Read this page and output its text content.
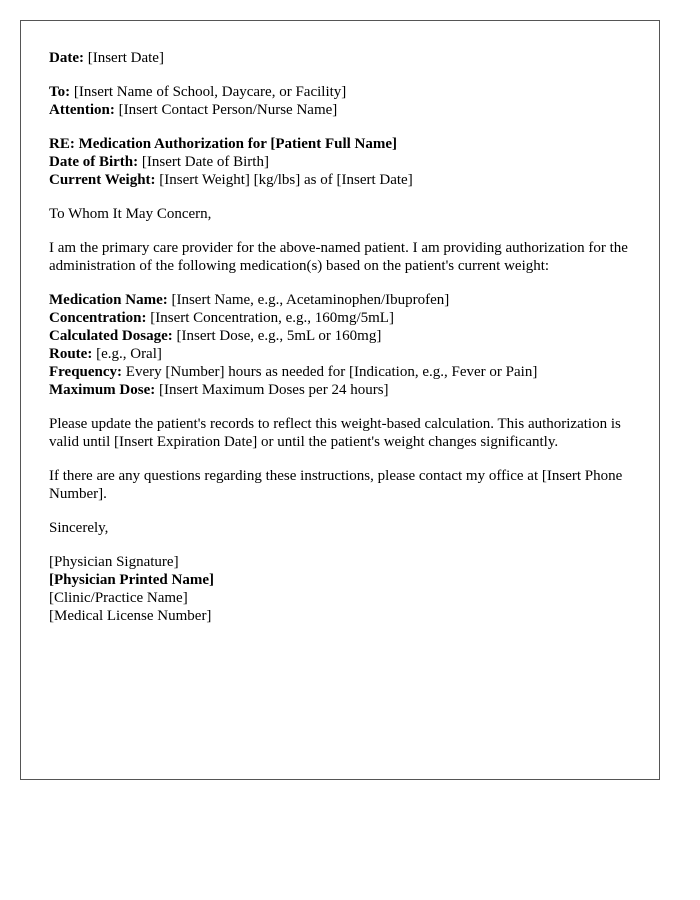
Date: [Insert Date]
To: [Insert Name of School, Daycare, or Facility]
Attention: [Insert Contact Person/Nurse Name]
RE: Medication Authorization for [Patient Full Name]
Date of Birth: [Insert Date of Birth]
Current Weight: [Insert Weight] [kg/lbs] as of [Insert Date]
To Whom It May Concern,
I am the primary care provider for the above-named patient. I am providing authorization for the administration of the following medication(s) based on the patient's current weight:
Medication Name: [Insert Name, e.g., Acetaminophen/Ibuprofen]
Concentration: [Insert Concentration, e.g., 160mg/5mL]
Calculated Dosage: [Insert Dose, e.g., 5mL or 160mg]
Route: [e.g., Oral]
Frequency: Every [Number] hours as needed for [Indication, e.g., Fever or Pain]
Maximum Dose: [Insert Maximum Doses per 24 hours]
Please update the patient's records to reflect this weight-based calculation. This authorization is valid until [Insert Expiration Date] or until the patient's weight changes significantly.
If there are any questions regarding these instructions, please contact my office at [Insert Phone Number].
Sincerely,
[Physician Signature]
[Physician Printed Name]
[Clinic/Practice Name]
[Medical License Number]
